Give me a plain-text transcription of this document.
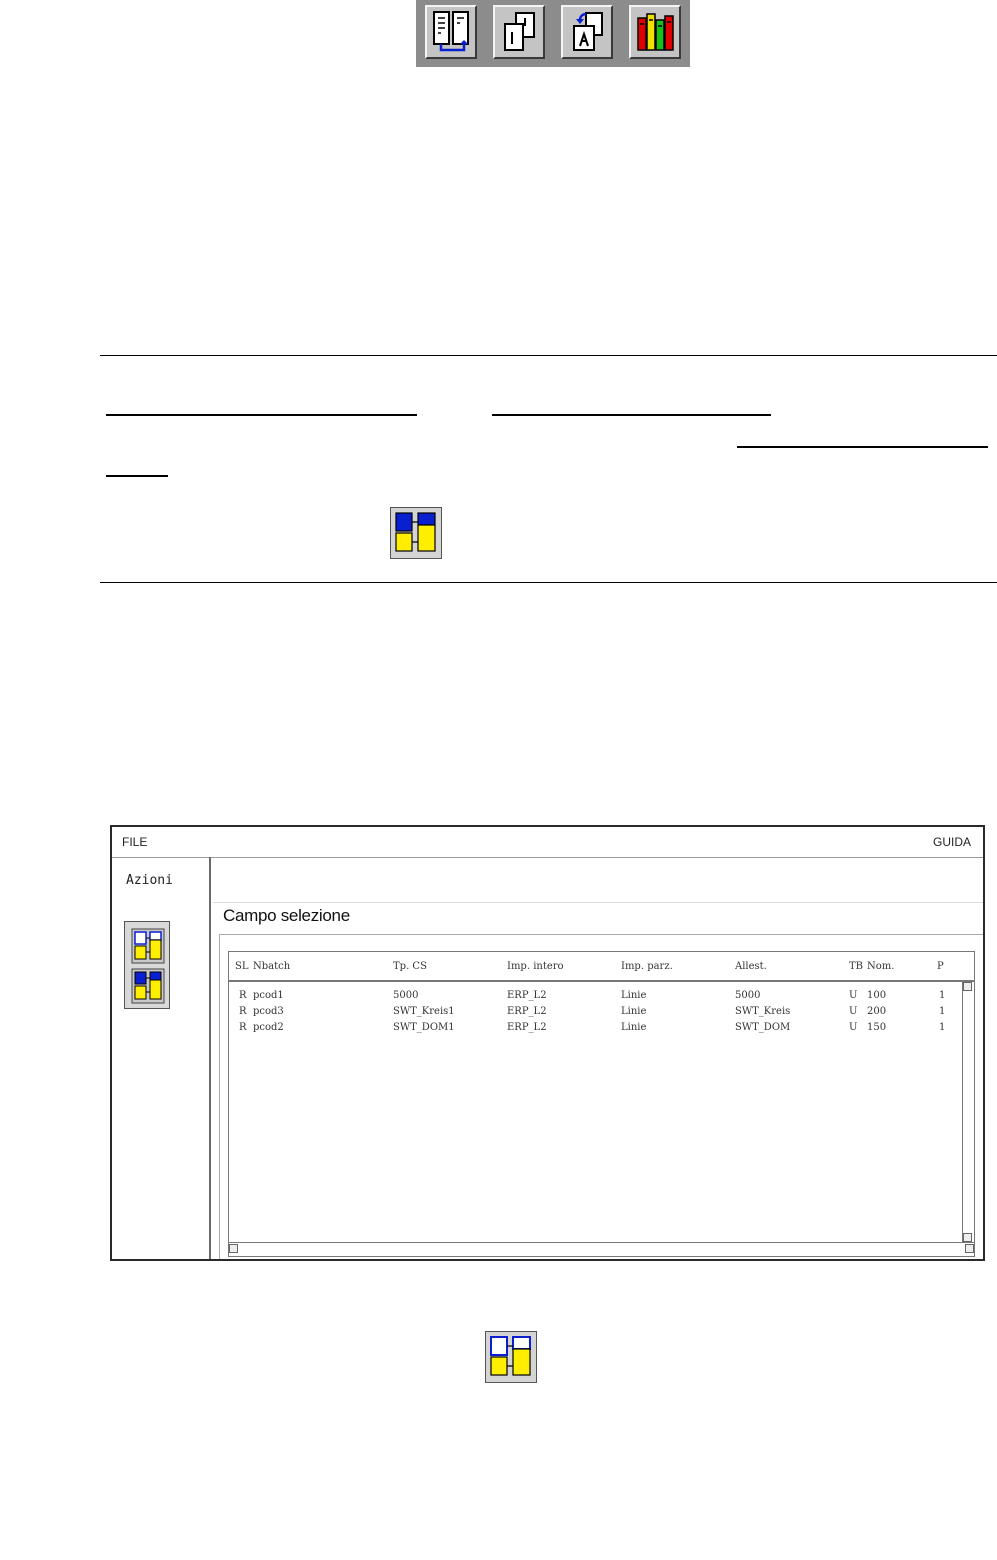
FILE	GUIDA
Azioni
Campo selezione
SL Nbatch	Tp. CS	Imp. intero	Imp. parz.	Allest.	TB Nom.	P
R pcod1	5000	ERP_L2	Linie	5000	U 100	1
R pcod3	SWT_Kreis1	ERP_L2	Linie	SWT_Kreis	U 200	1
R pcod2	SWT_DOM1	ERP_L2	Linie	SWT_DOM	U 150	1
